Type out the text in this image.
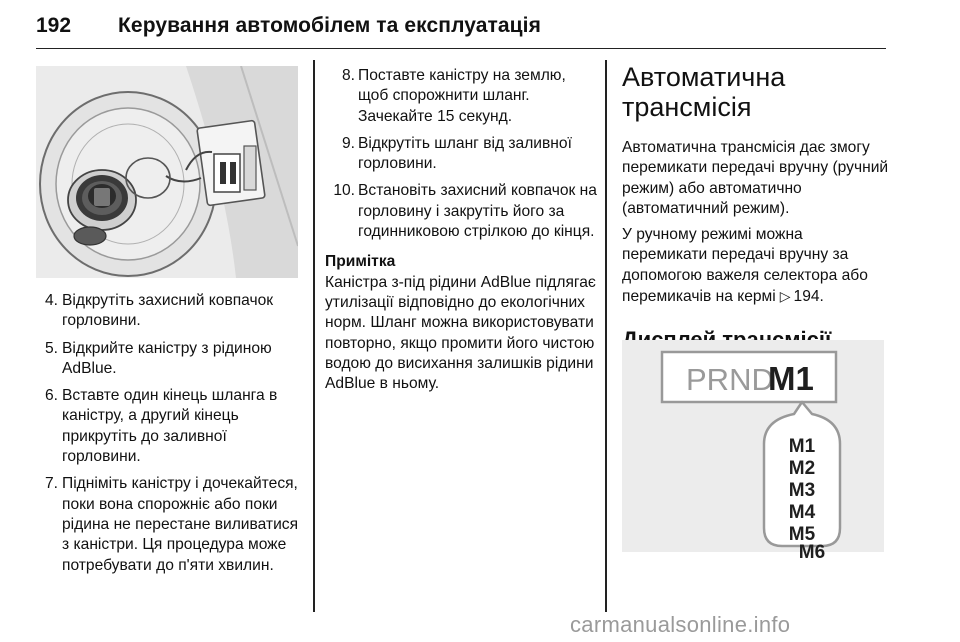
192 Керування автомобілем та експлуатація
4. Відкрутіть захисний ковпачок горловини.
5. Відкрийте каністру з рідиною AdBlue.
6. Вставте один кінець шланга в каністру, а другий кінець прикрутіть до заливної горловини.
7. Підніміть каністру і дочекайтеся, поки вона спорожніє або поки рідина не перестане виливатися з каністри. Ця процедура може потребувати до п'яти хвилин.
8. Поставте каністру на землю, щоб спорожнити шланг. Зачекайте 15 секунд.
9. Відкрутіть шланг від заливної горловини.
10. Встановіть захисний ковпачок на горловину і закрутіть його за годинниковою стрілкою до кінця.
Примітка
Каністра з-під рідини AdBlue підлягає утилізації відповідно до екологічних норм. Шланг можна використовувати повторно, якщо промити його чистою водою до висихання залишків рідини AdBlue в ньому.
Автоматична трансмісія

Автоматична трансмісія дає змогу перемикати передачі вручну (ручний режим) або автоматично (автоматичний режим).

У ручному режимі можна перемикати передачі вручну за допомогою важеля селектора або перемикачів на кермі ▷ 194.

PRND
M1
M1
M2
M3
M4
M5
M6
carmanualsonline.info
